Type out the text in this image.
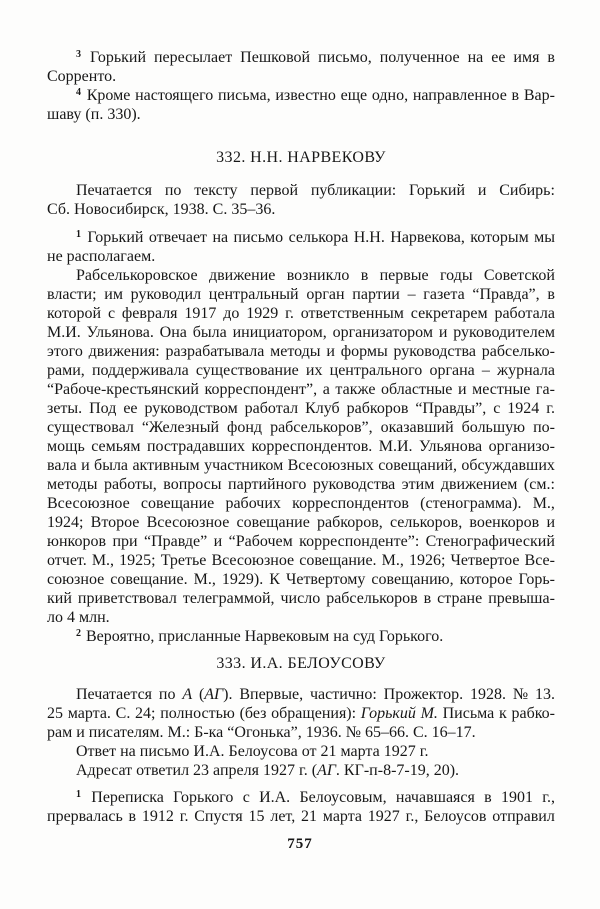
$^3$ Горький пересылает Пешковой письмо, полученное на ее имя в
Сорренто.
$^4$ Кроме настоящего письма, известно еще одно, направленное в Вар-
шаву (п. 330).
332. Н.Н. НАРВЕКОВУ
Печатается по тексту первой публикации: Горький и Сибирь:
Сб. Новосибирск, 1938. С. 35–36.
$^1$ Горький отвечает на письмо селькора Н.Н. Нарвекова, которым мы
не располагаем.
Рабселькоровское движение возникло в первые годы Советской
власти; им руководил центральный орган партии – газета “Правда”, в
которой с февраля 1917 до 1929 г. ответственным секретарем работала
М.И. Ульянова. Она была инициатором, организатором и руководителем
этого движения: разрабатывала методы и формы руководства рабселько-
рами, поддерживала существование их центрального органа – журнала
“Рабоче-крестьянский корреспондент”, а также областные и местные га-
зеты. Под ее руководством работал Клуб рабкоров “Правды”, с 1924 г.
существовал “Железный фонд рабселькоров”, оказавший большую по-
мощь семьям пострадавших корреспондентов. М.И. Ульянова организо-
вала и была активным участником Всесоюзных совещаний, обсуждавших
методы работы, вопросы партийного руководства этим движением (см.:
Всесоюзное совещание рабочих корреспондентов (стенограмма). М.,
1924; Второе Всесоюзное совещание рабкоров, селькоров, военкоров и
юнкоров при “Правде” и “Рабочем корреспонденте”: Стенографический
отчет. М., 1925; Третье Всесоюзное совещание. М., 1926; Четвертое Все-
союзное совещание. М., 1929). К Четвертому совещанию, которое Горь-
кий приветствовал телеграммой, число рабселькоров в стране превыша-
ло 4 млн.
$^2$ Вероятно, присланные Нарвековым на суд Горького.
333. И.А. БЕЛОУСОВУ
Печатается по А (АГ). Впервые, частично: Прожектор. 1928. № 13.
25 марта. С. 24; полностью (без обращения): Горький М. Письма к рабко-
рам и писателям. М.: Б-ка “Огонька”, 1936. № 65–66. С. 16–17.
Ответ на письмо И.А. Белоусова от 21 марта 1927 г.
Адресат ответил 23 апреля 1927 г. (АГ. КГ-п-8-7-19, 20).
$^1$ Переписка Горького с И.А. Белоусовым, начавшаяся в 1901 г.,
прервалась в 1912 г. Спустя 15 лет, 21 марта 1927 г., Белоусов отправил
757
